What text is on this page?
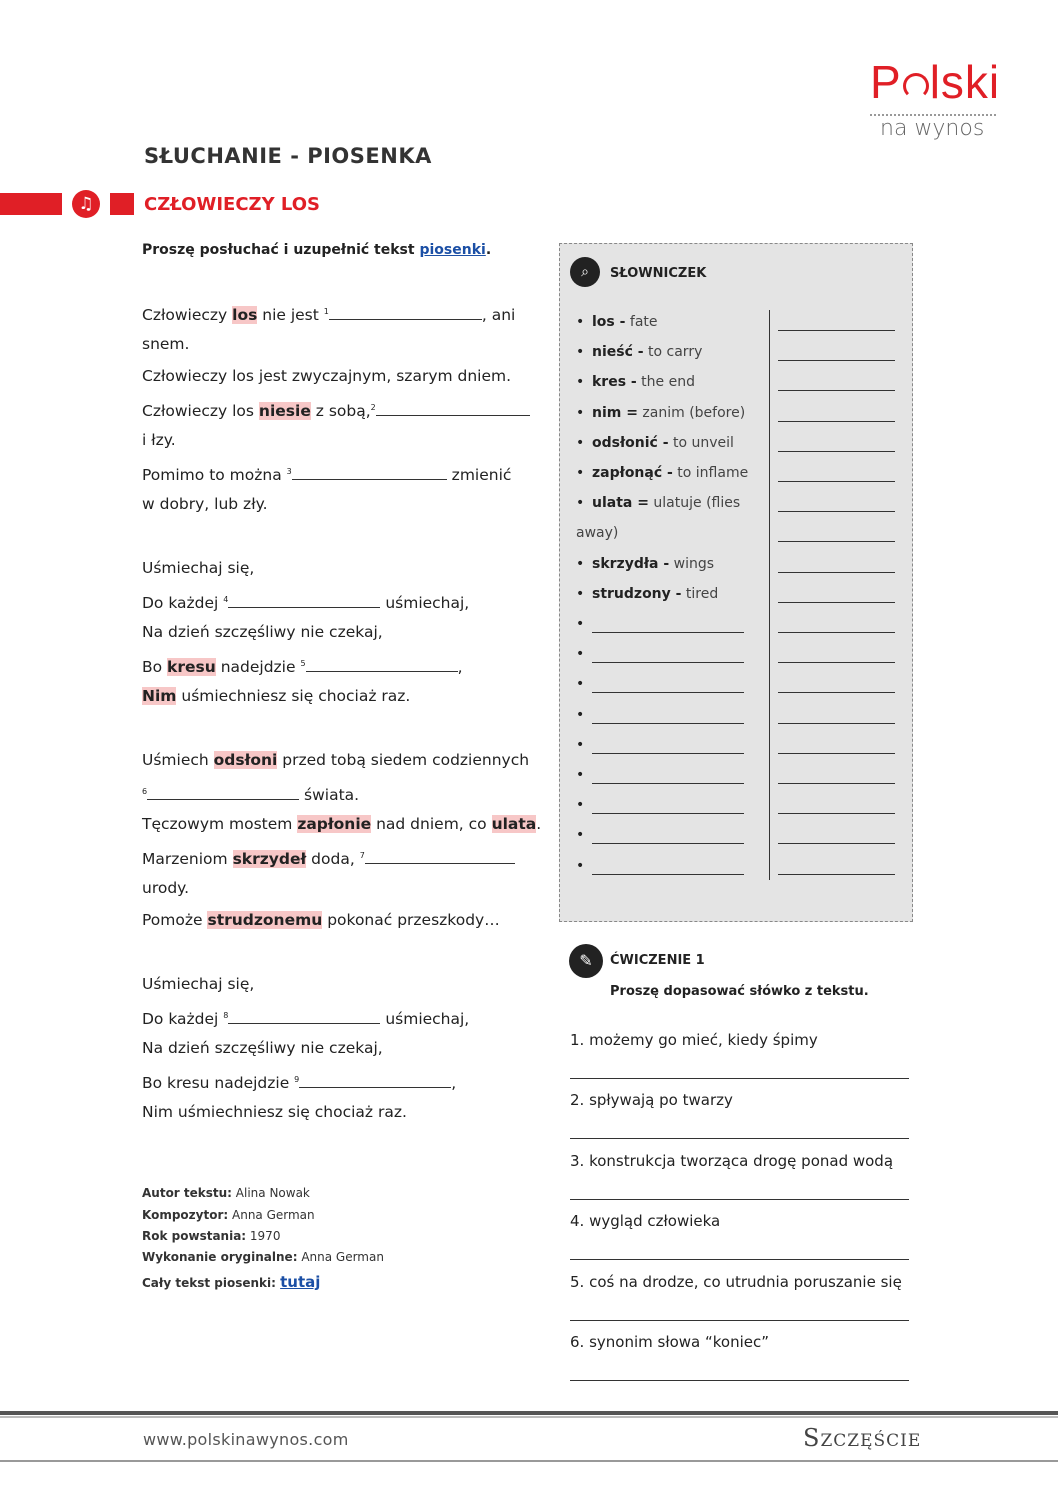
P lski
na wynos
SŁUCHANIE - PIOSENKA
♫	CZŁOWIECZY LOS
Proszę posłuchać i uzupełnić tekst piosenki.
Człowieczy los nie jest $^1$	, ani
snem.
Człowieczy los jest zwyczajnym, szarym dniem.
Człowieczy los niesie z sobą,$^2$
i łzy.
Pomimo to można $^3$	zmienić
w dobry, lub zły.
Uśmiechaj się,
Do każdej $^4$	uśmiechaj,
Na dzień szczęśliwy nie czekaj,
Bo kresu nadejdzie $^5$	,
Nim uśmiechniesz się chociaż raz.
Uśmiech odsłoni przed tobą siedem codziennych
$^6$	świata.
Tęczowym mostem zapłonie nad dniem, co ulata.
Marzeniom skrzydeł doda, $^7$
urody.
Pomoże strudzonemu pokonać przeszkody…
Uśmiechaj się,
Do każdej $^8$	uśmiechaj,
Na dzień szczęśliwy nie czekaj,
Bo kresu nadejdzie $^9$	,
Nim uśmiechniesz się chociaż raz.
Autor tekstu: Alina Nowak
Kompozytor: Anna German
Rok powstania: 1970
Wykonanie oryginalne: Anna German
Cały tekst piosenki: tutaj
⌕	SŁOWNICZEK
• los - fate
• nieść - to carry
• kres - the end
• nim = zanim (before)
• odsłonić - to unveil
• zapłonąć - to inflame
• ulata = ulatuje (flies
away)
• skrzydła - wings
• strudzony - tired
•
•
•
•
•
•
•
•
•
✎	ĆWICZENIE 1
Proszę dopasować słówko z tekstu.
1. możemy go mieć, kiedy śpimy
2. spływają po twarzy
3. konstrukcja tworząca drogę ponad wodą
4. wygląd człowieka
5. coś na drodze, co utrudnia poruszanie się
6. synonim słowa “koniec”
www.polskinawynos.com	Szczęście
